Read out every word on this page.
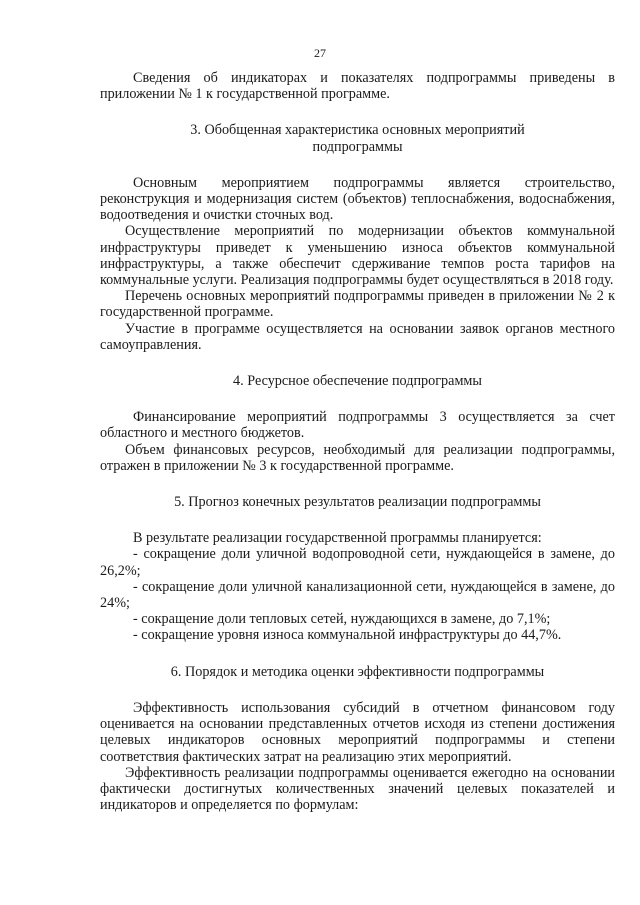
27

Сведения об индикаторах и показателях подпрограммы приведены в приложении № 1 к государственной программе.

3. Обобщенная характеристика основных мероприятий
подпрограммы

Основным мероприятием подпрограммы является строительство, реконструкция и модернизация систем (объектов) теплоснабжения, водоснабжения, водоотведения и очистки сточных вод.

Осуществление мероприятий по модернизации объектов коммунальной инфраструктуры приведет к уменьшению износа объектов коммунальной инфраструктуры, а также обеспечит сдерживание темпов роста тарифов на коммунальные услуги. Реализация подпрограммы будет осуществляться в 2018 году.

Перечень основных мероприятий подпрограммы приведен в приложении № 2 к государственной программе.

Участие в программе осуществляется на основании заявок органов местного самоуправления.

4. Ресурсное обеспечение подпрограммы

Финансирование мероприятий подпрограммы 3 осуществляется за счет областного и местного бюджетов.

Объем финансовых ресурсов, необходимый для реализации подпрограммы, отражен в приложении № 3 к государственной программе.

5. Прогноз конечных результатов реализации подпрограммы

В результате реализации государственной программы планируется:

- сокращение доли уличной водопроводной сети, нуждающейся в замене, до 26,2%;

- сокращение доли уличной канализационной сети, нуждающейся в замене, до 24%;

- сокращение доли тепловых сетей, нуждающихся в замене, до 7,1%;

- сокращение уровня износа коммунальной инфраструктуры до 44,7%.

6. Порядок и методика оценки эффективности подпрограммы

Эффективность использования субсидий в отчетном финансовом году оценивается на основании представленных отчетов исходя из степени достижения целевых индикаторов основных мероприятий подпрограммы и степени соответствия фактических затрат на реализацию этих мероприятий.

Эффективность реализации подпрограммы оценивается ежегодно на основании фактически достигнутых количественных значений целевых показателей и индикаторов и определяется по формулам:
